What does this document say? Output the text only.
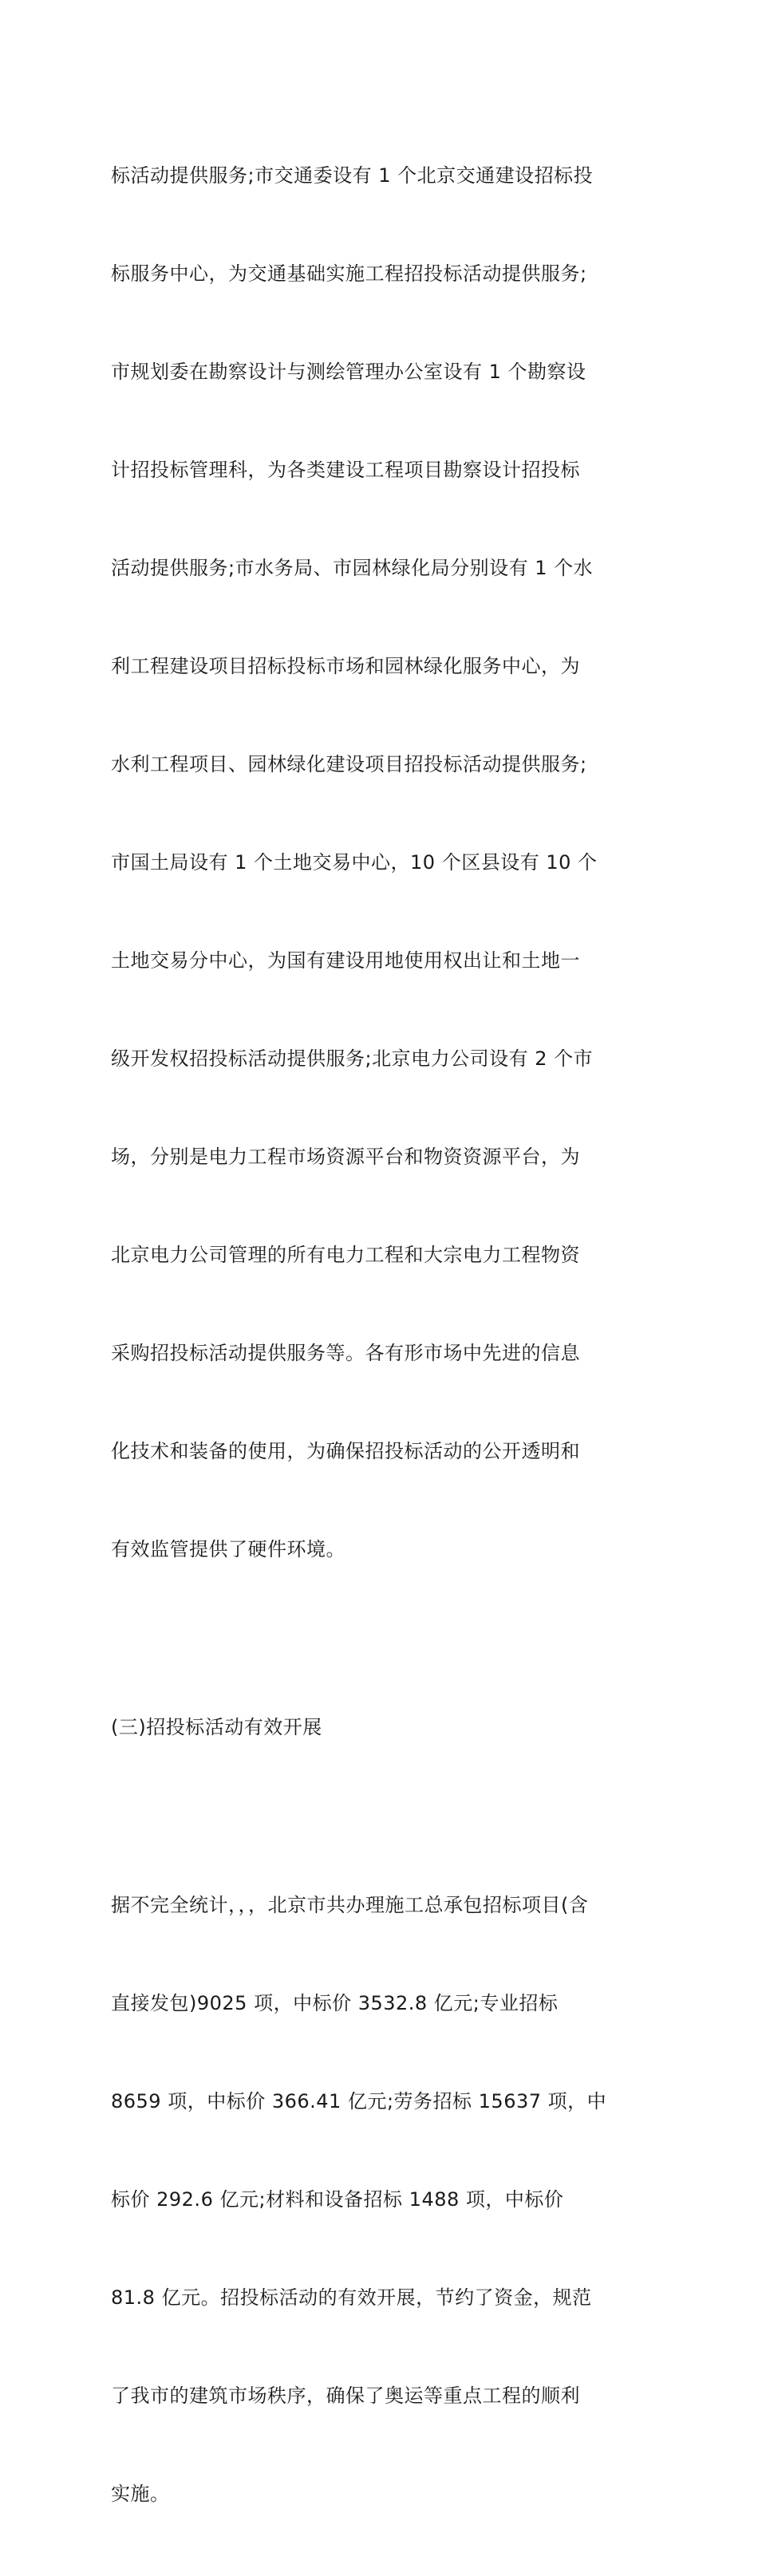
标活动提供服务;市交通委设有 1 个北京交通建设招标投

标服务中心，为交通基础实施工程招投标活动提供服务;

市规划委在勘察设计与测绘管理办公室设有 1 个勘察设

计招投标管理科，为各类建设工程项目勘察设计招投标

活动提供服务;市水务局、市园林绿化局分别设有 1 个水

利工程建设项目招标投标市场和园林绿化服务中心，为

水利工程项目、园林绿化建设项目招投标活动提供服务;

市国土局设有 1 个土地交易中心，10 个区县设有 10 个

土地交易分中心，为国有建设用地使用权出让和土地一

级开发权招投标活动提供服务;北京电力公司设有 2 个市

场，分别是电力工程市场资源平台和物资资源平台，为

北京电力公司管理的所有电力工程和大宗电力工程物资

采购招投标活动提供服务等。各有形市场中先进的信息

化技术和装备的使用，为确保招投标活动的公开透明和

有效监管提供了硬件环境。

(三)招投标活动有效开展

据不完全统计，，，北京市共办理施工总承包招标项目(含

直接发包)9025 项，中标价 3532.8 亿元;专业招标

8659 项，中标价 366.41 亿元;劳务招标 15637 项，中

标价 292.6 亿元;材料和设备招标 1488 项，中标价

81.8 亿元。招投标活动的有效开展，节约了资金，规范

了我市的建筑市场秩序，确保了奥运等重点工程的顺利

实施。
